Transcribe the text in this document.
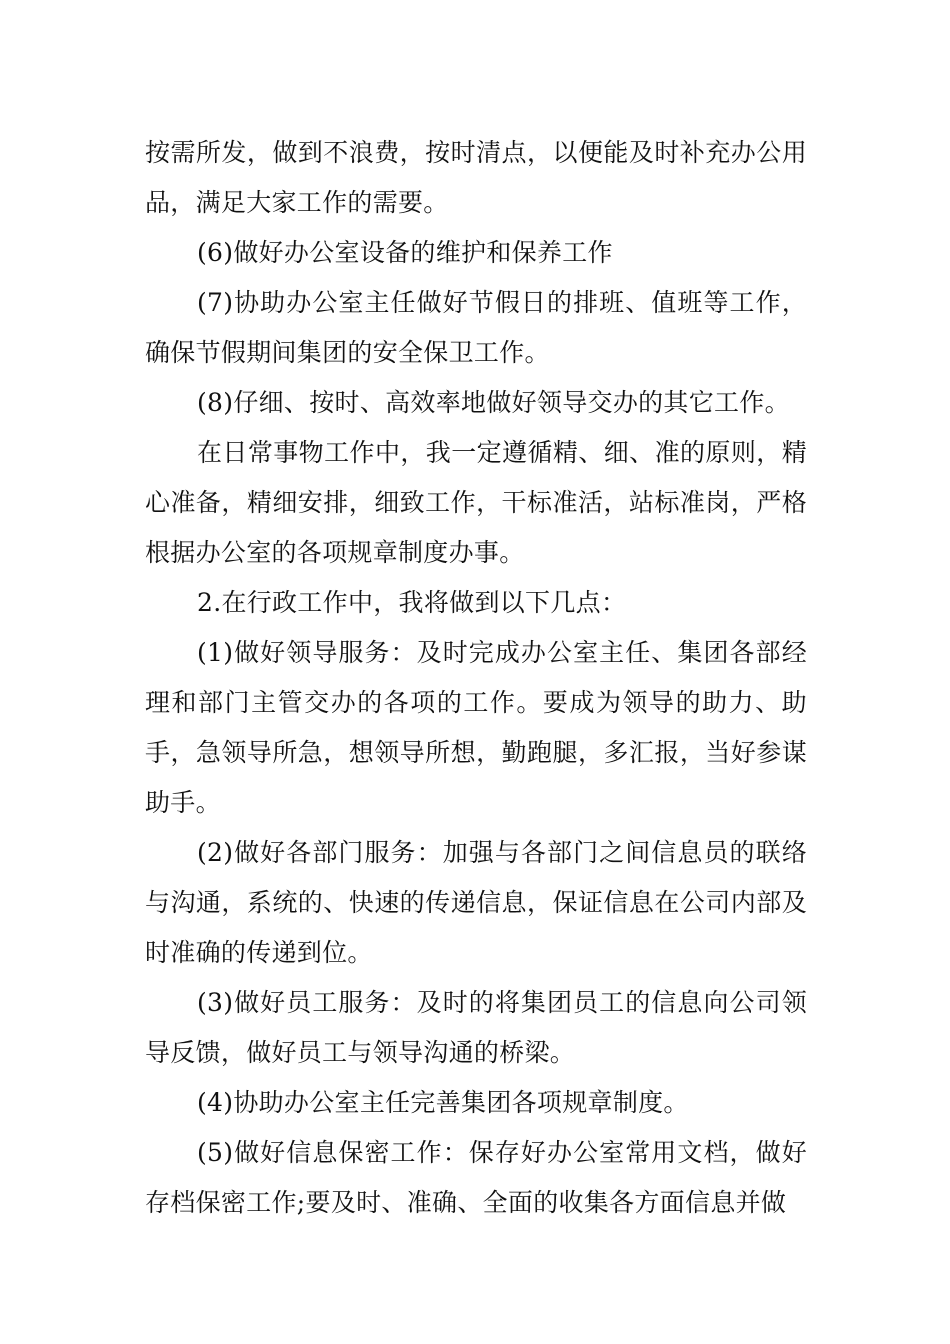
按需所发，做到不浪费，按时清点，以便能及时补充办公用品，满足大家工作的需要。

(6)做好办公室设备的维护和保养工作

(7)协助办公室主任做好节假日的排班、值班等工作，确保节假期间集团的安全保卫工作。

(8)仔细、按时、高效率地做好领导交办的其它工作。

在日常事物工作中，我一定遵循精、细、准的原则，精心准备，精细安排，细致工作，干标准活，站标准岗，严格根据办公室的各项规章制度办事。

2.在行政工作中，我将做到以下几点：

(1)做好领导服务：及时完成办公室主任、集团各部经理和部门主管交办的各项的工作。要成为领导的助力、助手，急领导所急，想领导所想，勤跑腿，多汇报，当好参谋助手。

(2)做好各部门服务：加强与各部门之间信息员的联络与沟通，系统的、快速的传递信息，保证信息在公司内部及时准确的传递到位。

(3)做好员工服务：及时的将集团员工的信息向公司领导反馈，做好员工与领导沟通的桥梁。

(4)协助办公室主任完善集团各项规章制度。

(5)做好信息保密工作：保存好办公室常用文档，做好存档保密工作;要及时、准确、全面的收集各方面信息并做
